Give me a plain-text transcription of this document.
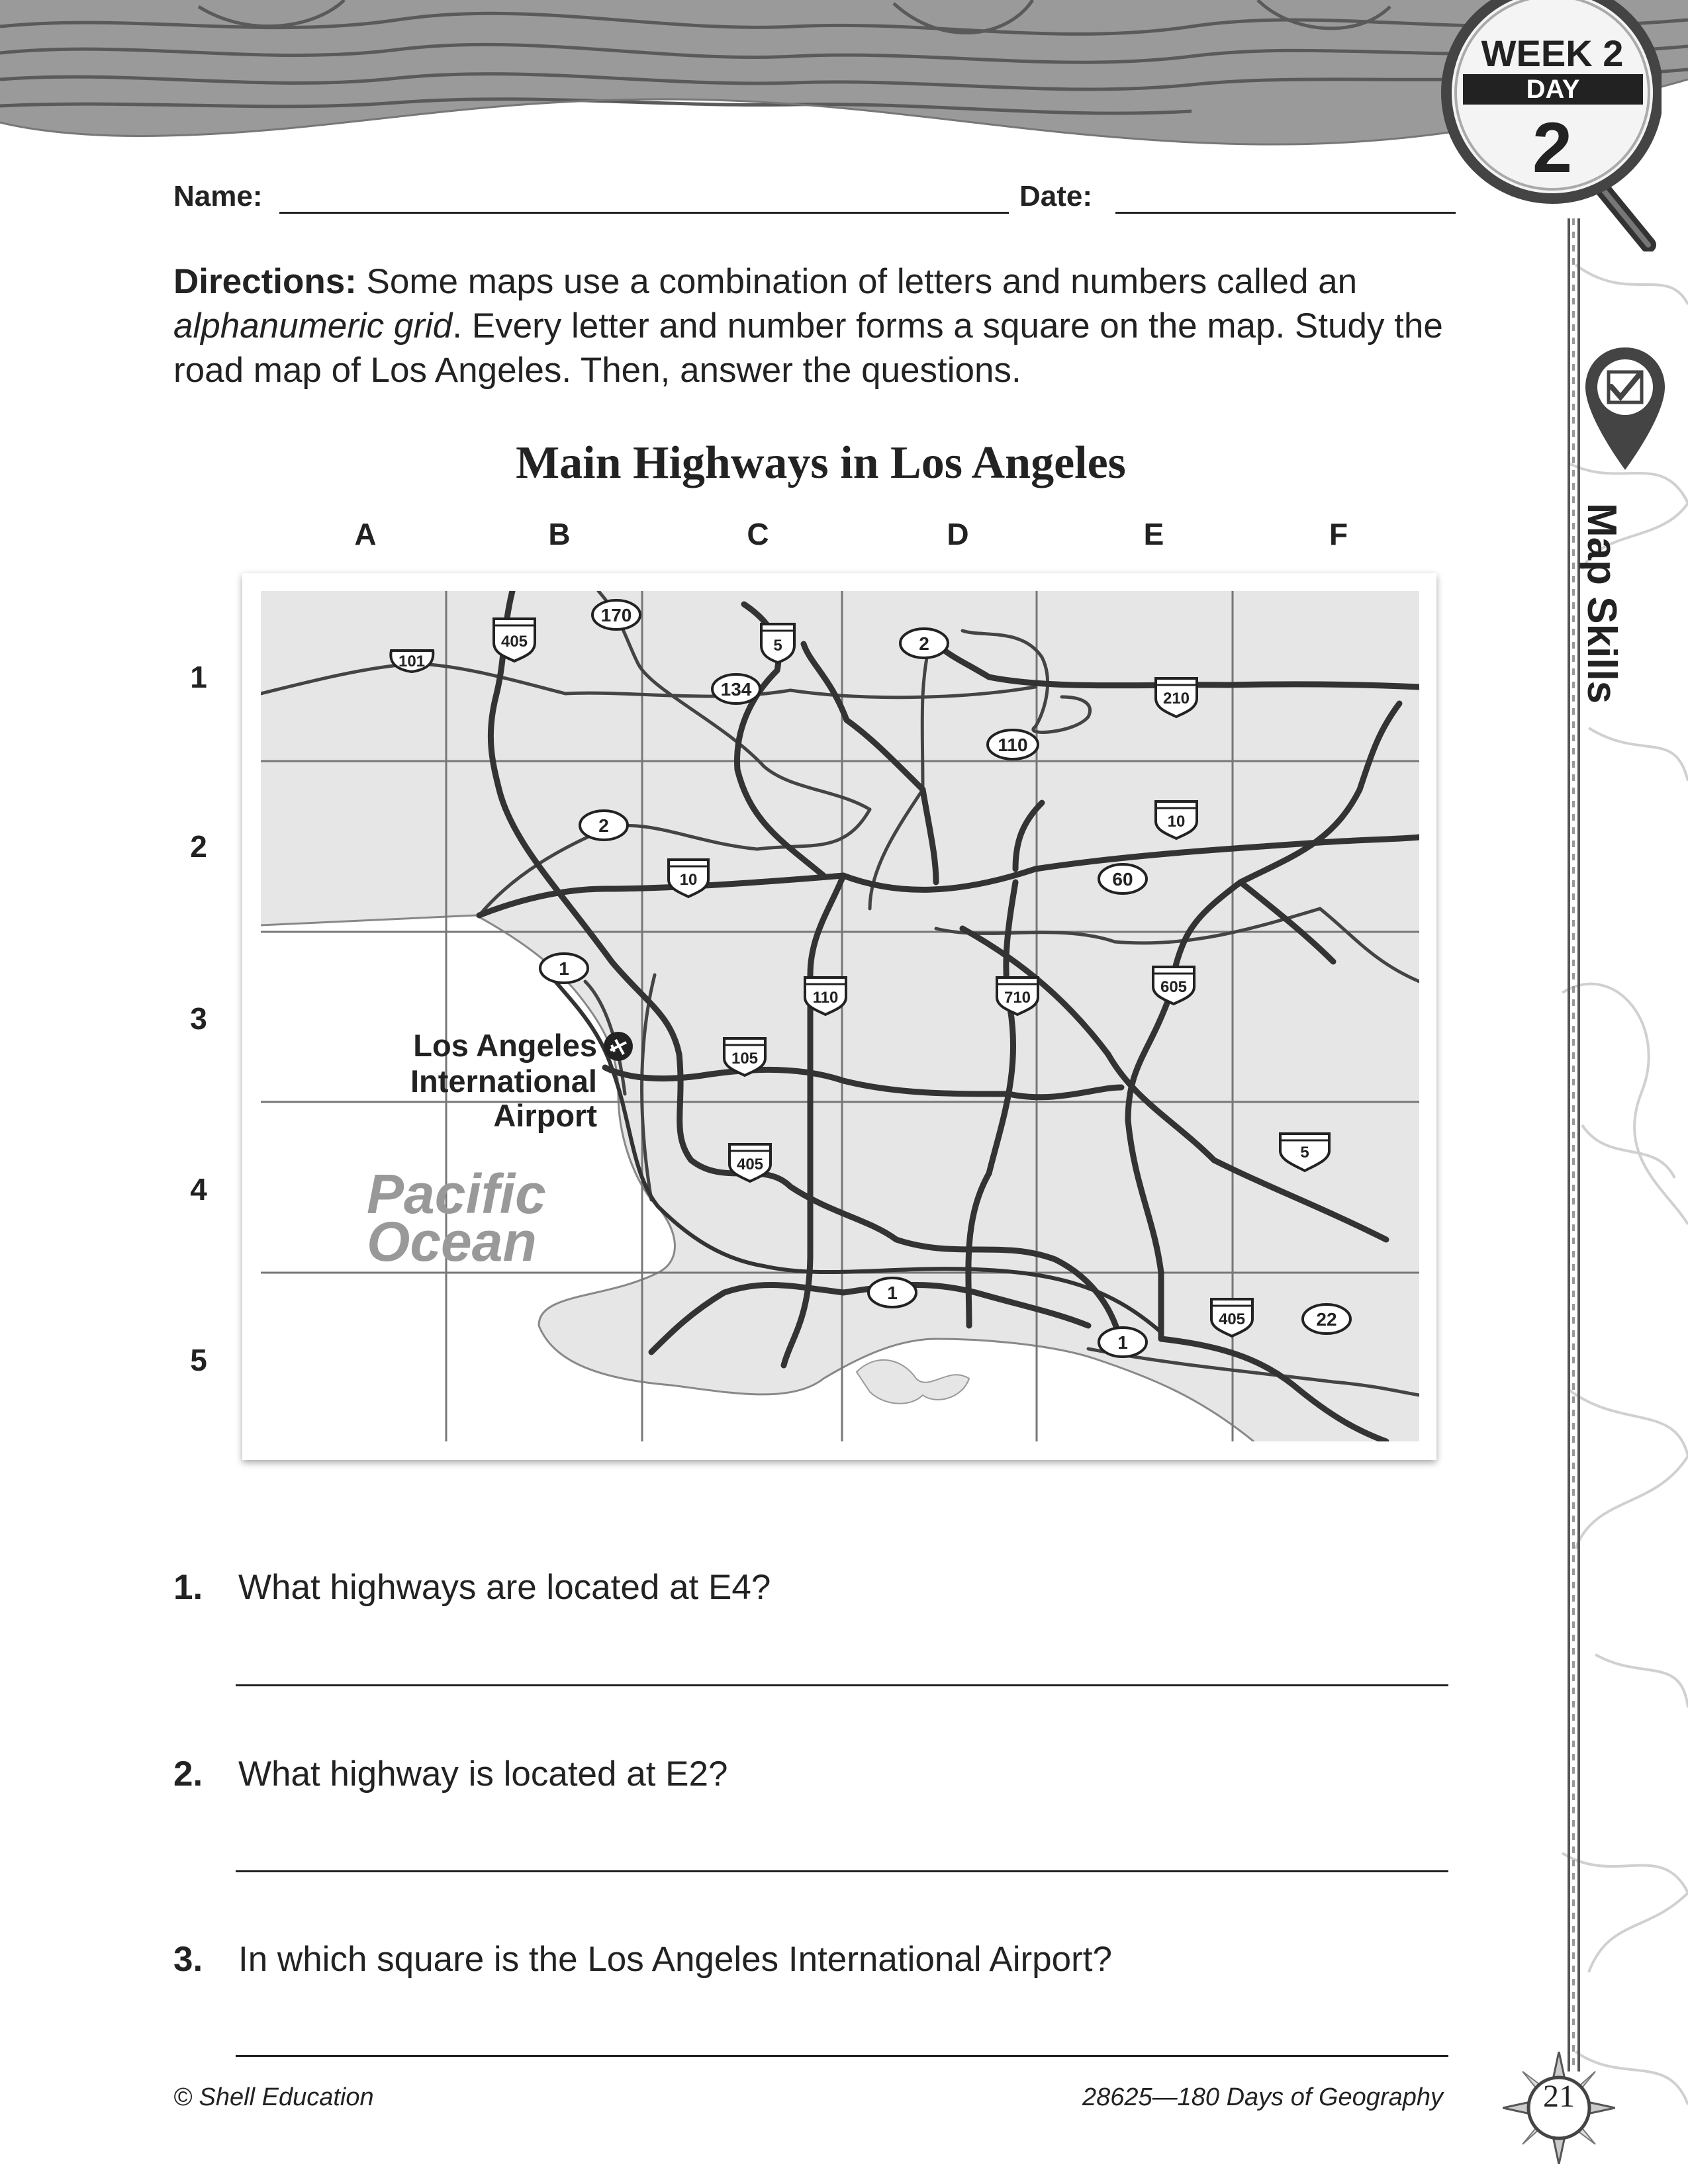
WEEK 2
DAY
2
Map Skills
Name:	Date:
Directions: Some maps use a combination of letters and numbers called an alphanumeric grid. Every letter and number forms a square on the map. Study the road map of Los Angeles. Then, answer the questions.
Main Highways in Los Angeles
A	B	C	D	E	F
1
2
3
4
5
Los Angeles
International
Airport
Pacific
Ocean
101
405
170
5	2
134	210
110
2	10
10	60
1
110	710
605
105
405
5
1
405	22
1
1. What highways are located at E4?
2. What highway is located at E2?
3. In which square is the Los Angeles International Airport?
© Shell Education	28625—180 Days of Geography	21
